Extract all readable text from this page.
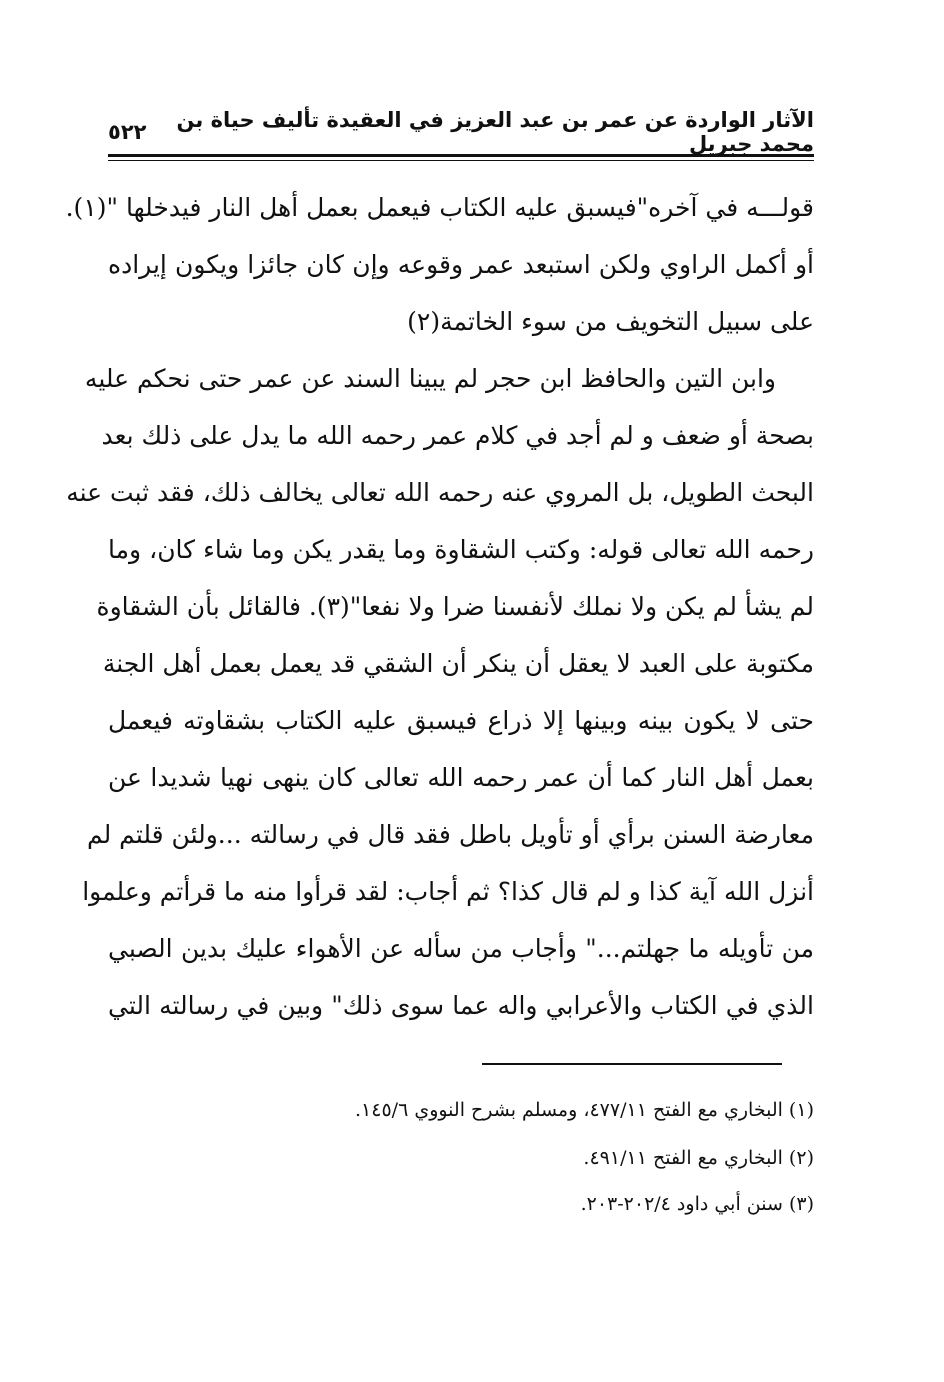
الآثار الواردة عن عمر بن عبد العزيز في العقيدة تأليف حياة بن محمد جبريل
٥٢٢
قولـــه في آخره"فيسبق عليه الكتاب فيعمل بعمل أهل النار فيدخلها "(١).
أو أكمل الراوي ولكن استبعد عمر وقوعه وإن كان جائزا ويكون إيراده
على سبيل التخويف من سوء الخاتمة(٢)
وابن التين والحافظ ابن حجر لم يبينا السند عن عمر حتى نحكم عليه
بصحة أو ضعف و لم أجد في كلام عمر رحمه الله ما يدل على ذلك بعد
البحث الطويل، بل المروي عنه رحمه الله تعالى يخالف ذلك، فقد ثبت عنه
رحمه الله تعالى قوله: وكتب الشقاوة وما يقدر يكن وما شاء كان، وما
لم يشأ لم يكن ولا نملك لأنفسنا ضرا ولا نفعا"(٣). فالقائل بأن الشقاوة
مكتوبة على العبد لا يعقل أن ينكر أن الشقي قد يعمل بعمل أهل الجنة
حتى لا يكون بينه وبينها إلا ذراع فيسبق عليه الكتاب بشقاوته فيعمل
بعمل أهل النار كما أن عمر رحمه الله تعالى كان ينهى نهيا شديدا عن
معارضة السنن برأي أو تأويل باطل فقد قال في رسالته ...ولئن قلتم لم
أنزل الله آية كذا و لم قال كذا؟ ثم أجاب: لقد قرأوا منه ما قرأتم وعلموا
من تأويله ما جهلتم..." وأجاب من سأله عن الأهواء عليك بدين الصبي
الذي في الكتاب والأعرابي واله عما سوى ذلك" وبين في رسالته التي
(١) البخاري مع الفتح ٤٧٧/١١، ومسلم بشرح النووي ١٤٥/٦.
(٢) البخاري مع الفتح ٤٩١/١١.
(٣) سنن أبي داود ٢٠٢/٤-٢٠٣.
